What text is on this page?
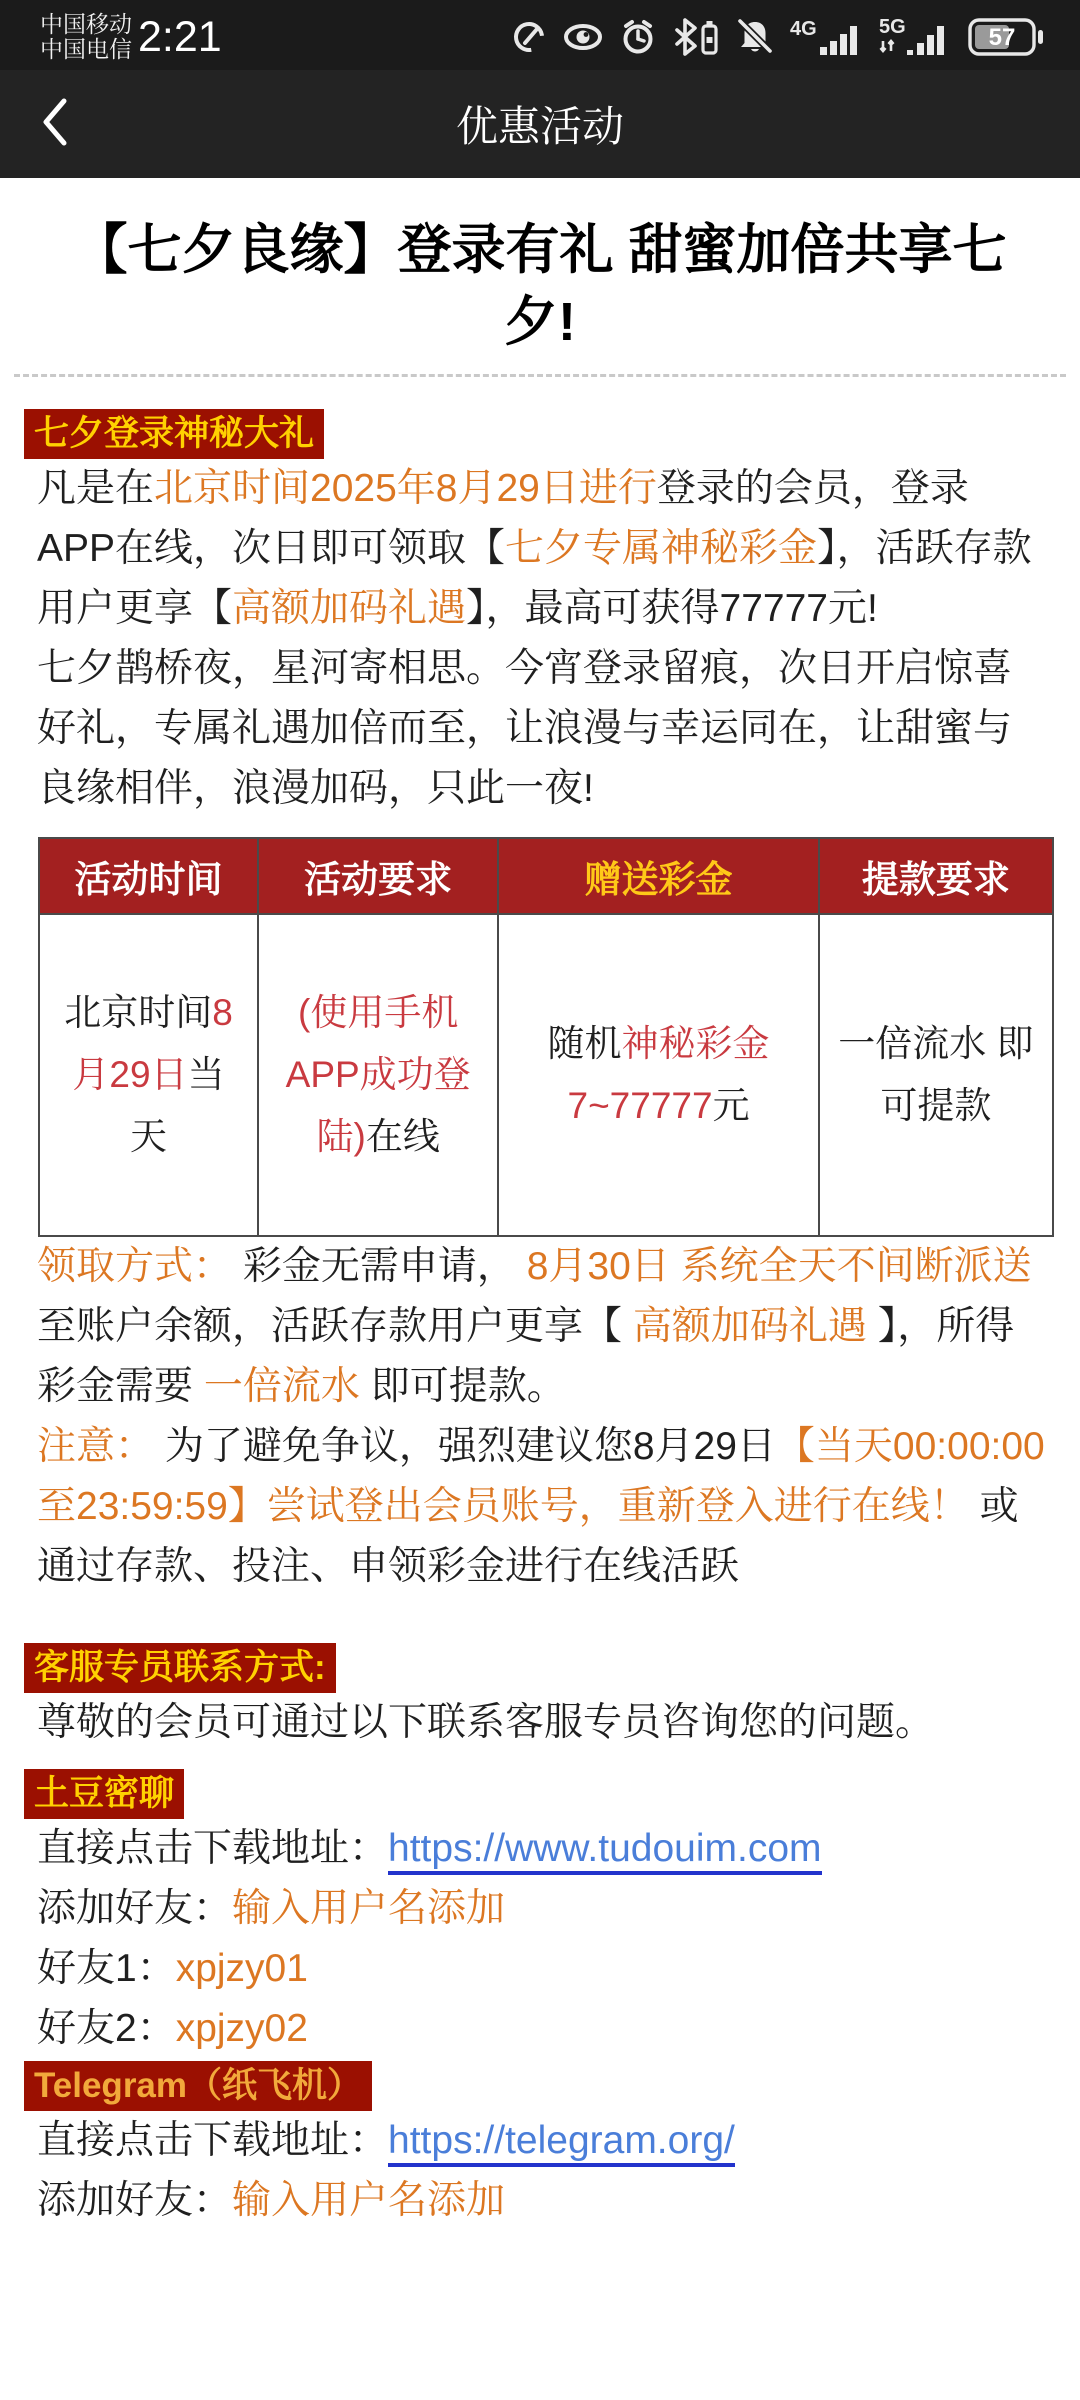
中国移动
中国电信 2:21	4G	5G	57
优惠活动
【七夕良缘】登录有礼 甜蜜加倍共享七夕!
七夕登录神秘大礼

凡是在北京时间2025年8月29日进行登录的会员，登录APP在线，次日即可领取【七夕专属神秘彩金】，活跃存款用户更享【高额加码礼遇】，最高可获得77777元!

七夕鹊桥夜，星河寄相思。今宵登录留痕，次日开启惊喜好礼，专属礼遇加倍而至，让浪漫与幸运同在，让甜蜜与良缘相伴，浪漫加码，只此一夜!

活动时间	活动要求	赠送彩金	提款要求
北京时间8月29日当天	(使用手机APP成功登陆)在线	随机神秘彩金 7~77777元	一倍流水 即可提款

领取方式： 彩金无需申请， 8月30日 系统全天不间断派送 至账户余额，活跃存款用户更享【 高额加码礼遇 】，所得彩金需要 一倍流水 即可提款。

注意： 为了避免争议，强烈建议您8月29日【当天00:00:00至23:59:59】尝试登出会员账号，重新登入进行在线！ 或通过存款、投注、申领彩金进行在线活跃

客服专员联系方式:

尊敬的会员可通过以下联系客服专员咨询您的问题。

土豆密聊

直接点击下载地址：https://www.tudouim.com

添加好友：输入用户名添加

好友1：xpjzy01

好友2：xpjzy02

Telegram（纸飞机）

直接点击下载地址：https://telegram.org/

添加好友：输入用户名添加
